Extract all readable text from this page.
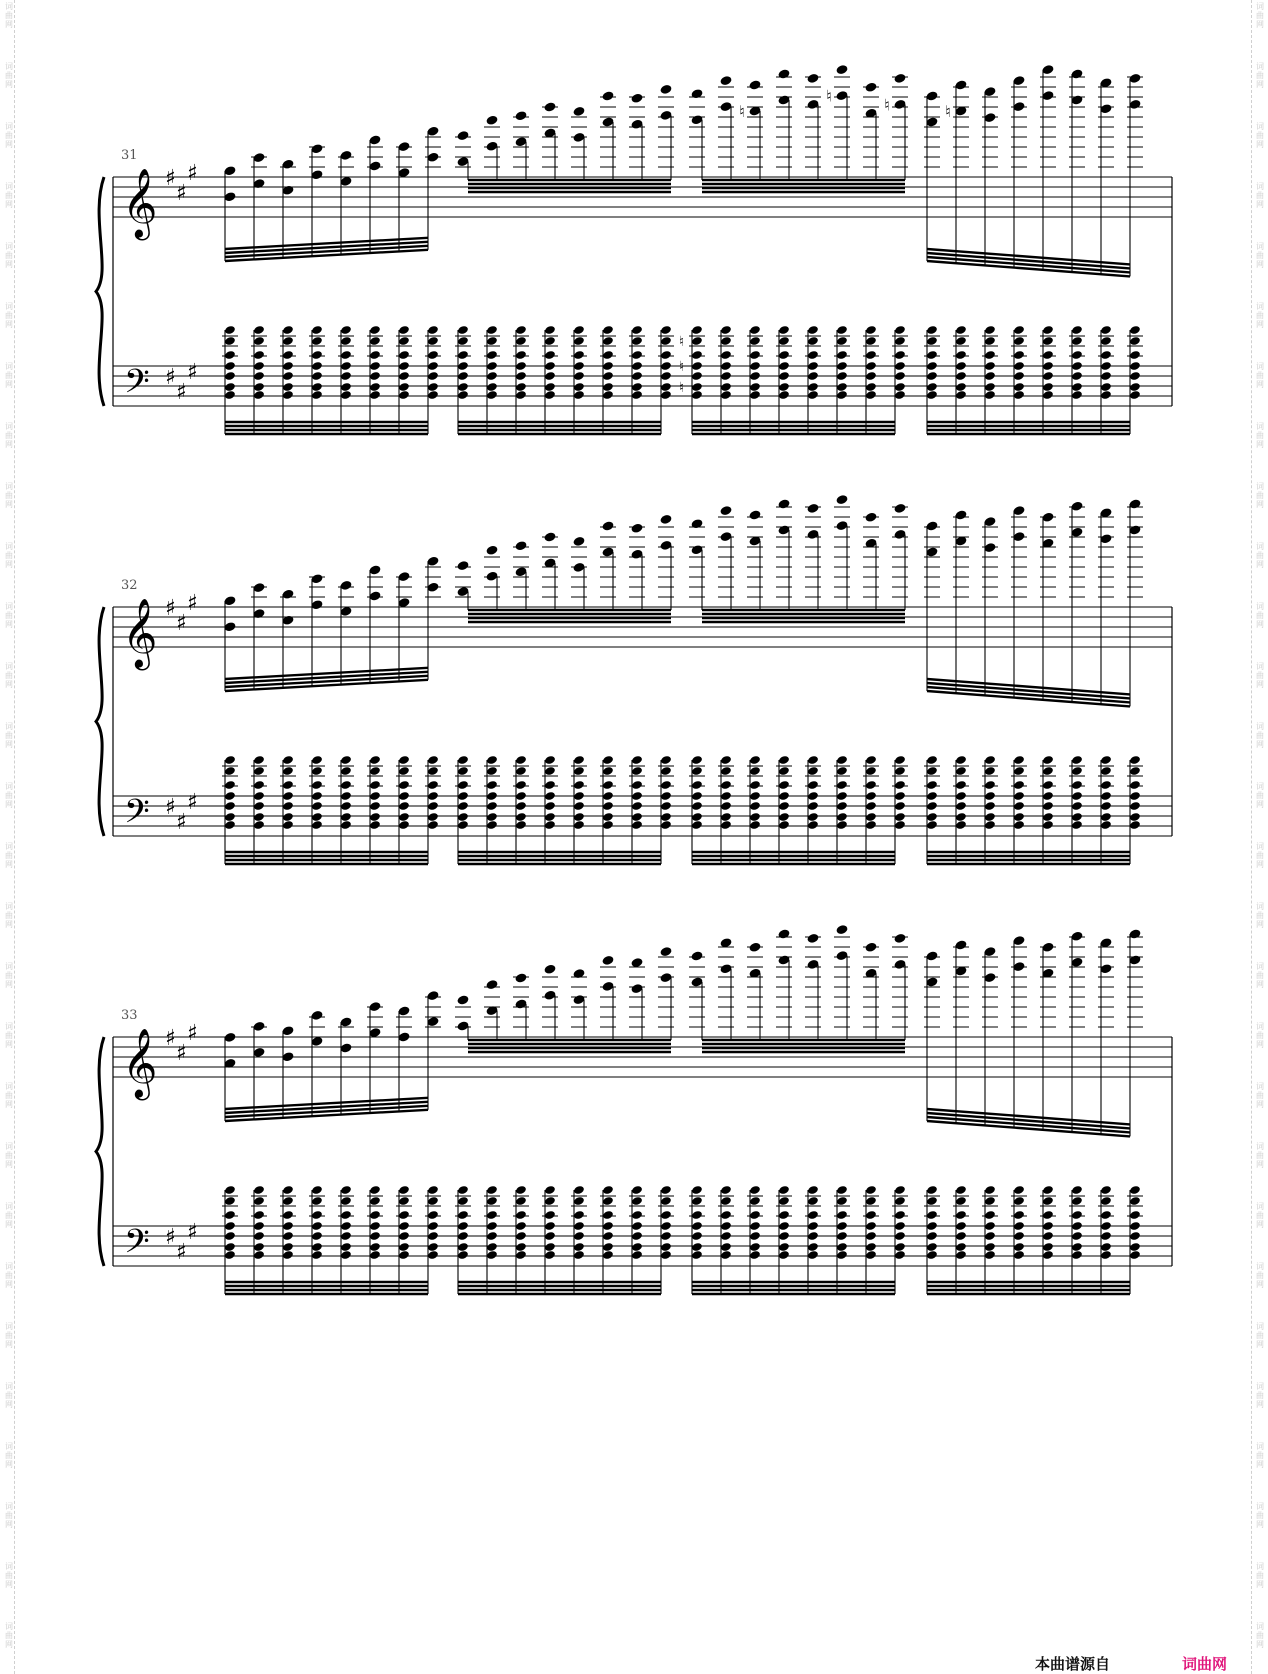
31
32
33
𝄞
𝄢
♯
♯
♯
♯
♯
♯
♮
♮	♮	♮
♮
♮
♮
𝄞
𝄢
♯
♯
♯
♯
♯
♯
𝄞
𝄢
♯
♯
♯
♯
♯
♯
本曲谱源自	词曲网
词
曲
网
词
曲
网
词
曲
网
词
曲
网
词
曲
网
词
曲
网
词
曲
网
词
曲
网
词
曲
网
词
曲
网
词
曲
网
词
曲
网
词
曲
网
词
曲
网
词
曲
网
词
曲
网
词
曲
网
词
曲
网
词
曲
网
词
曲
网
词
曲
网
词
曲
网
词
曲
网
词
曲
网
词
曲
网
词
曲
网
词
曲
网
词
曲
网
词
曲
网
词
曲
网
词
曲
网
词
曲
网
词
曲
网
词
曲
网
词
曲
网
词
曲
网
词
曲
网
词
曲
网
词
曲
网
词
曲
网
词
曲
网
词
曲
网
词
曲
网
词
曲
网
词
曲
网
词
曲
网
词
曲
网
词
曲
网
词
曲
网
词
曲
网
词
曲
网
词
曲
网
词
曲
网
词
曲
网
词
曲
网
词
曲
网
